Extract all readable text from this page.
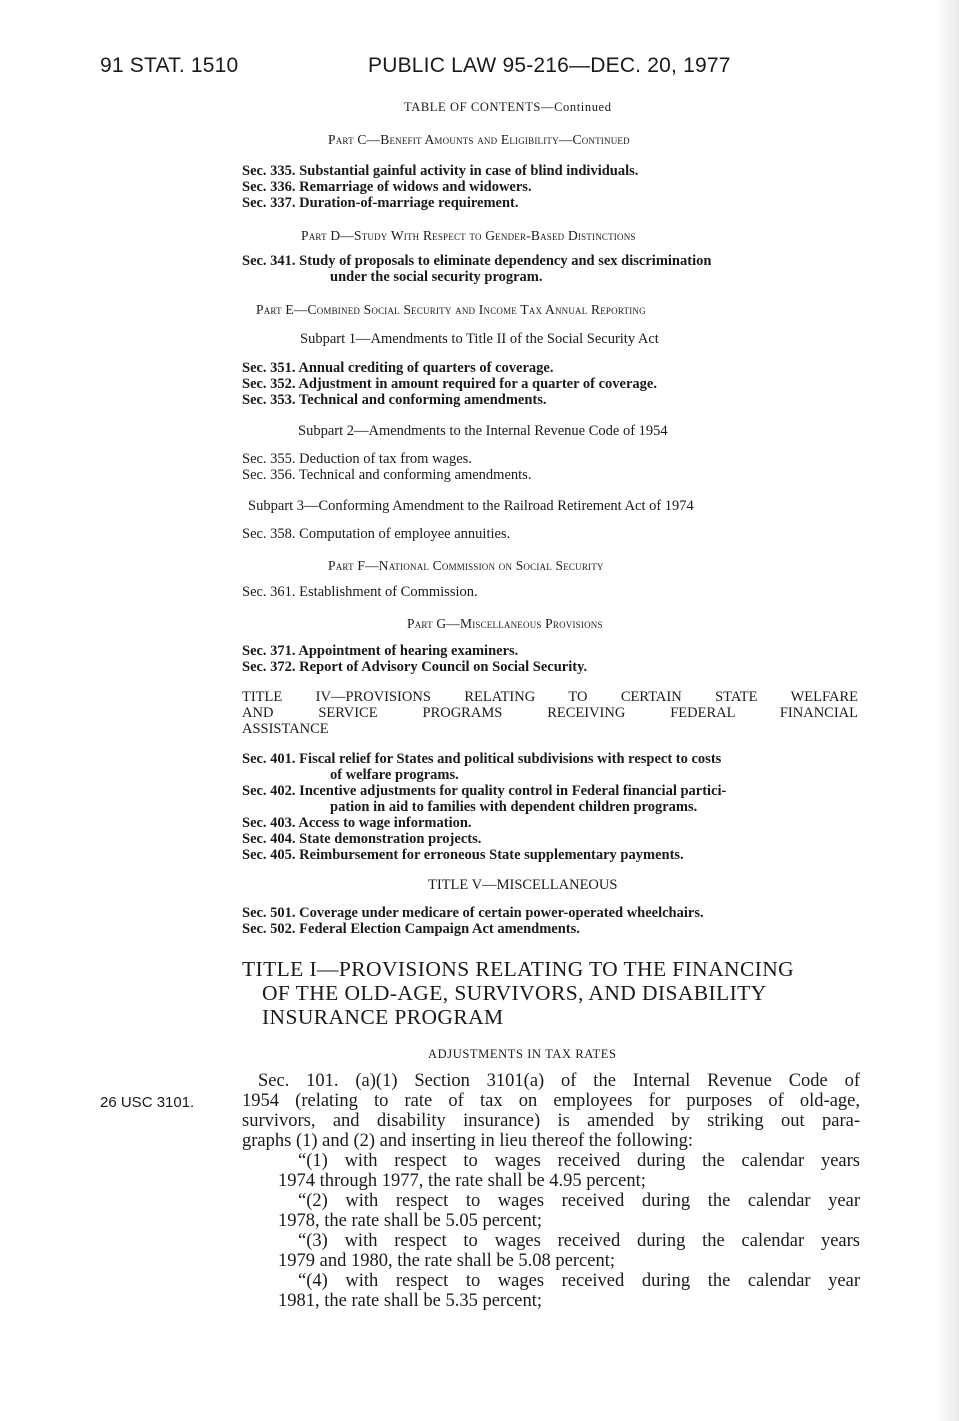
91 STAT. 1510	PUBLIC LAW 95-216—DEC. 20, 1977
TABLE OF CONTENTS—Continued
Part C—Benefit Amounts and Eligibility—Continued
Sec. 335. Substantial gainful activity in case of blind individuals.
Sec. 336. Remarriage of widows and widowers.
Sec. 337. Duration-of-marriage requirement.
Part D—Study With Respect to Gender-Based Distinctions
Sec. 341. Study of proposals to eliminate dependency and sex discrimination
under the social security program.
Part E—Combined Social Security and Income Tax Annual Reporting
Subpart 1—Amendments to Title II of the Social Security Act
Sec. 351. Annual crediting of quarters of coverage.
Sec. 352. Adjustment in amount required for a quarter of coverage.
Sec. 353. Technical and conforming amendments.
Subpart 2—Amendments to the Internal Revenue Code of 1954
Sec. 355. Deduction of tax from wages.
Sec. 356. Technical and conforming amendments.
Subpart 3—Conforming Amendment to the Railroad Retirement Act of 1974
Sec. 358. Computation of employee annuities.
Part F—National Commission on Social Security
Sec. 361. Establishment of Commission.
Part G—Miscellaneous Provisions
Sec. 371. Appointment of hearing examiners.
Sec. 372. Report of Advisory Council on Social Security.
TITLE IV—PROVISIONS RELATING TO CERTAIN STATE WELFARE
AND SERVICE PROGRAMS RECEIVING FEDERAL FINANCIAL
ASSISTANCE
Sec. 401. Fiscal relief for States and political subdivisions with respect to costs
of welfare programs.
Sec. 402. Incentive adjustments for quality control in Federal financial partici-
pation in aid to families with dependent children programs.
Sec. 403. Access to wage information.
Sec. 404. State demonstration projects.
Sec. 405. Reimbursement for erroneous State supplementary payments.
TITLE V—MISCELLANEOUS
Sec. 501. Coverage under medicare of certain power-operated wheelchairs.
Sec. 502. Federal Election Campaign Act amendments.
TITLE I—PROVISIONS RELATING TO THE FINANCING
OF THE OLD-AGE, SURVIVORS, AND DISABILITY
INSURANCE PROGRAM
ADJUSTMENTS IN TAX RATES
26 USC 3101.
Sec. 101. (a)(1) Section 3101(a) of the Internal Revenue Code of
1954 (relating to rate of tax on employees for purposes of old-age,
survivors, and disability insurance) is amended by striking out para-
graphs (1) and (2) and inserting in lieu thereof the following:
“(1) with respect to wages received during the calendar years
1974 through 1977, the rate shall be 4.95 percent;
“(2) with respect to wages received during the calendar year
1978, the rate shall be 5.05 percent;
“(3) with respect to wages received during the calendar years
1979 and 1980, the rate shall be 5.08 percent;
“(4) with respect to wages received during the calendar year
1981, the rate shall be 5.35 percent;
